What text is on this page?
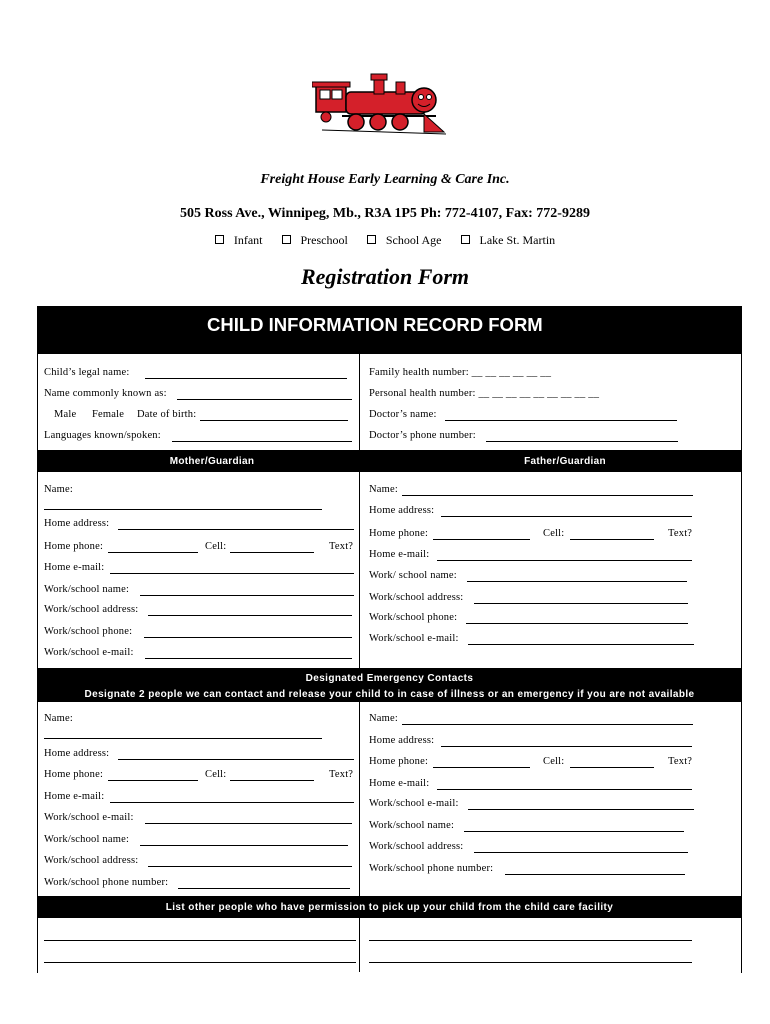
Freight House Early Learning & Care Inc.
505 Ross Ave., Winnipeg, Mb., R3A 1P5 Ph: 772-4107, Fax: 772-9289
Infant	Preschool	School Age	Lake St. Martin
Registration Form
CHILD INFORMATION RECORD FORM
Child’s legal name:
Name commonly known as:
Male Female Date of birth:
Languages known/spoken:
Family health number: __ __ __ __ __ __
Personal health number: __ __ __ __ __ __ __ __ __
Doctor’s name:
Doctor’s phone number:
Mother/Guardian	Father/Guardian
Name:
Home address:
Home phone:	Cell:	Text?
Home e-mail:
Work/school name:
Work/school address:
Work/school phone:
Work/school e-mail:
Name:
Home address:
Home phone:	Cell:	Text?
Home e-mail:
Work/ school name:
Work/school address:
Work/school phone:
Work/school e-mail:
Designated Emergency Contacts
Designate 2 people we can contact and release your child to in case of illness or an emergency if you are not available
Name:
Home address:
Home phone:	Cell:	Text?
Home e-mail:
Work/school e-mail:
Work/school name:
Work/school address:
Work/school phone number:
Name:
Home address:
Home phone:	Cell:	Text?
Home e-mail:
Work/school e-mail:
Work/school name:
Work/school address:
Work/school phone number:
List other people who have permission to pick up your child from the child care facility
